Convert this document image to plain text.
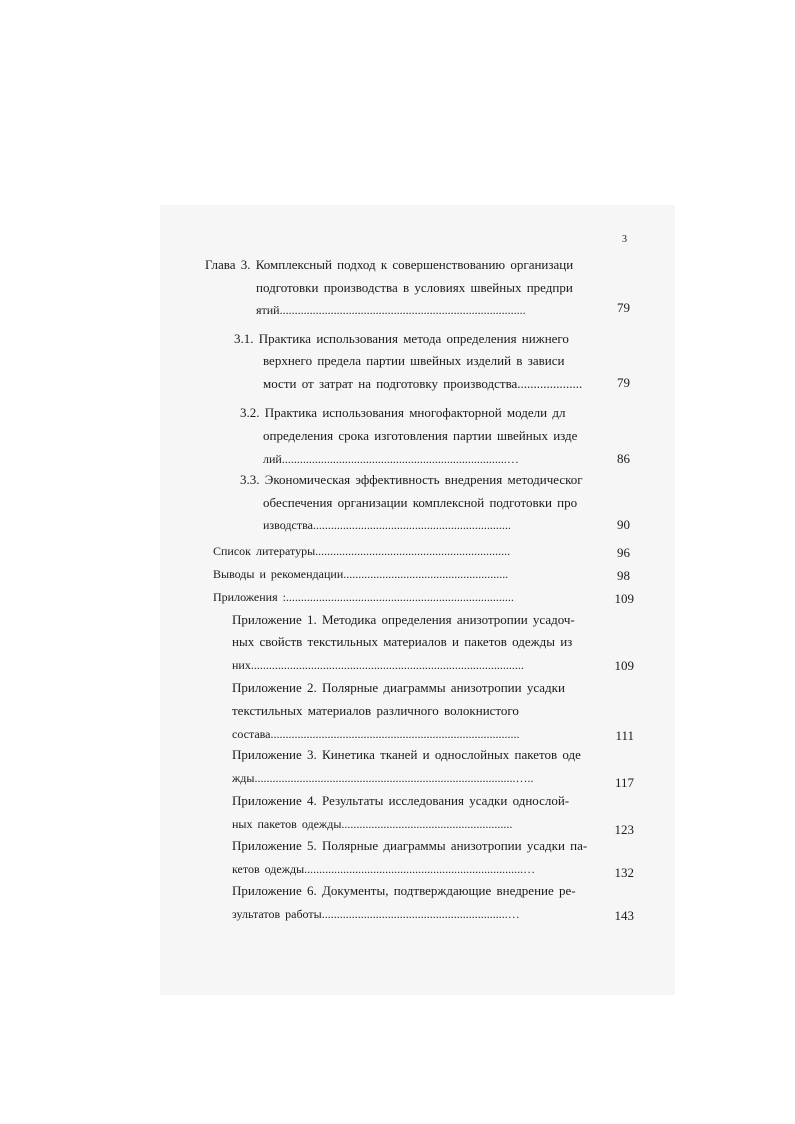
3
Глава 3. Комплексный подход к совершенствованию организаци
подготовки производства в условиях швейных предпри
ятий..................................................................................	79
3.1. Практика использования метода определения нижнего
верхнего предела партии швейных изделий в зависи
мости от затрат на подготовку производства....................	79
3.2. Практика использования многофакторной модели дл
определения срока изготовления партии швейных изде
лий...........................................................................…	86
3.3. Экономическая эффективность внедрения методическог
обеспечения организации комплексной подготовки про
изводства..................................................................	90
Список литературы.................................................................	96
Выводы и рекомендации.......................................................	98
Приложения :............................................................................	109
Приложение 1. Методика определения анизотропии усадоч-
ных свойств текстильных материалов и пакетов одежды из
них...........................................................................................	109
Приложение 2. Полярные диаграммы анизотропии усадки
текстильных материалов различного волокнистого
состава...................................................................................	111
Приложение 3. Кинетика тканей и однослойных пакетов оде
жды.......................................................................................…..	117
Приложение 4. Результаты исследования усадки однослой-
ных пакетов одежды.........................................................	123
Приложение 5. Полярные диаграммы анизотропии усадки па-
кетов одежды.........................................................................…	132
Приложение 6. Документы, подтверждающие внедрение ре-
зультатов работы..............................................................…	143
